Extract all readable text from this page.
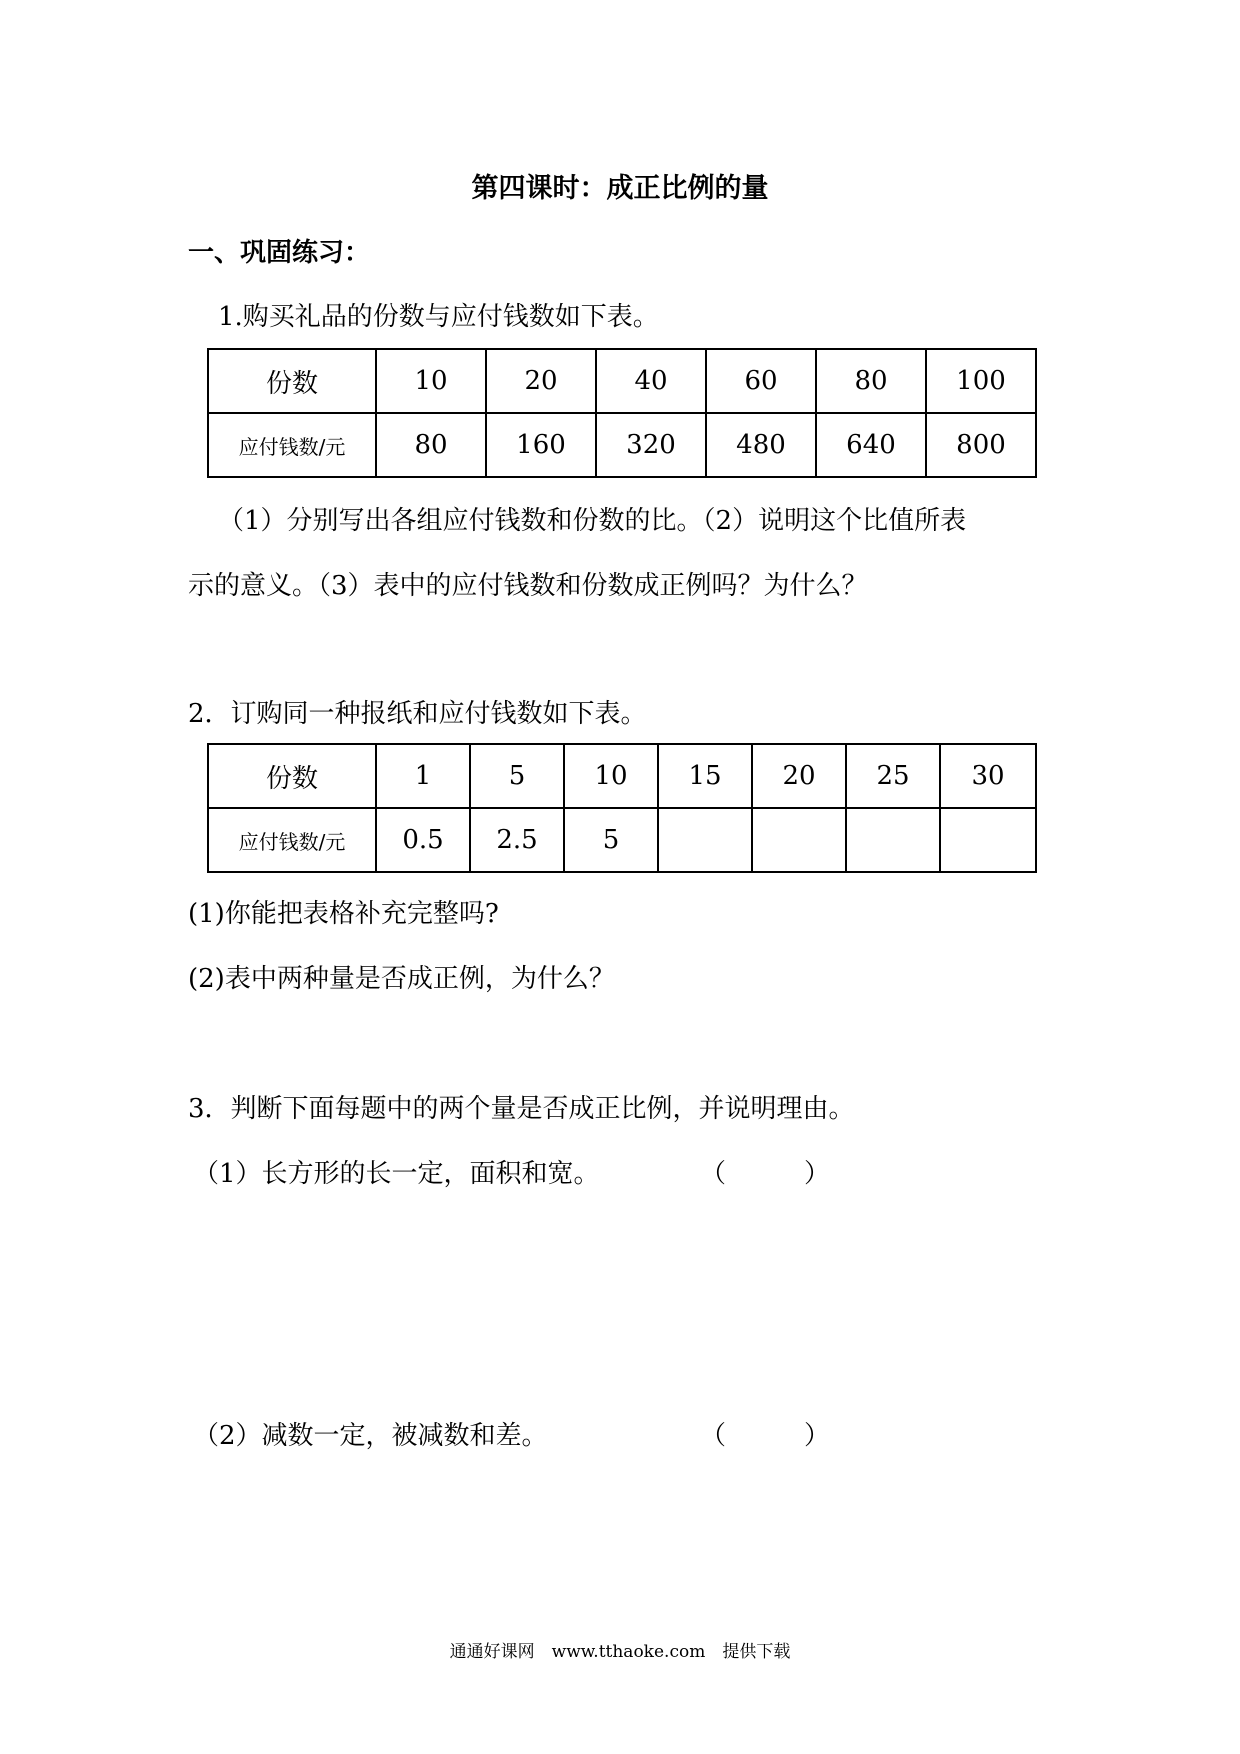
第四课时：成正比例的量
一、巩固练习：
1.购买礼品的份数与应付钱数如下表。
份数	10	20	40	60	80	100
应付钱数/元	80	160	320	480	640	800
（1）分别写出各组应付钱数和份数的比。（2）说明这个比值所表
示的意义。（3）表中的应付钱数和份数成正例吗？为什么？
2．订购同一种报纸和应付钱数如下表。
份数	1	5	10	15	20	25	30
应付钱数/元	0.5	2.5	5				
(1)你能把表格补充完整吗?
(2)表中两种量是否成正例，为什么？
3．判断下面每题中的两个量是否成正比例，并说明理由。
（1）长方形的长一定，面积和宽。	（　　　）
（2）减数一定，被减数和差。	（　　　）
通通好课网　www.tthaoke.com　提供下载
